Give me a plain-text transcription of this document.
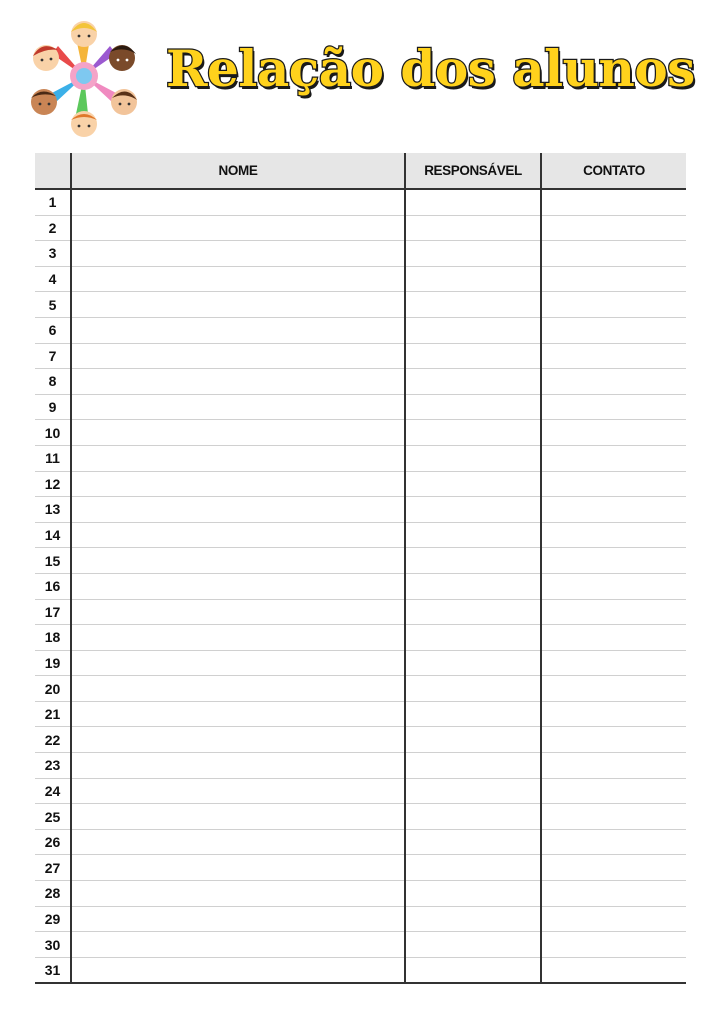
Relação dos alunos
	NOME	RESPONSÁVEL	CONTATO
1			
2			
3			
4			
5			
6			
7			
8			
9			
10			
11			
12			
13			
14			
15			
16			
17			
18			
19			
20			
21			
22			
23			
24			
25			
26			
27			
28			
29			
30			
31			
